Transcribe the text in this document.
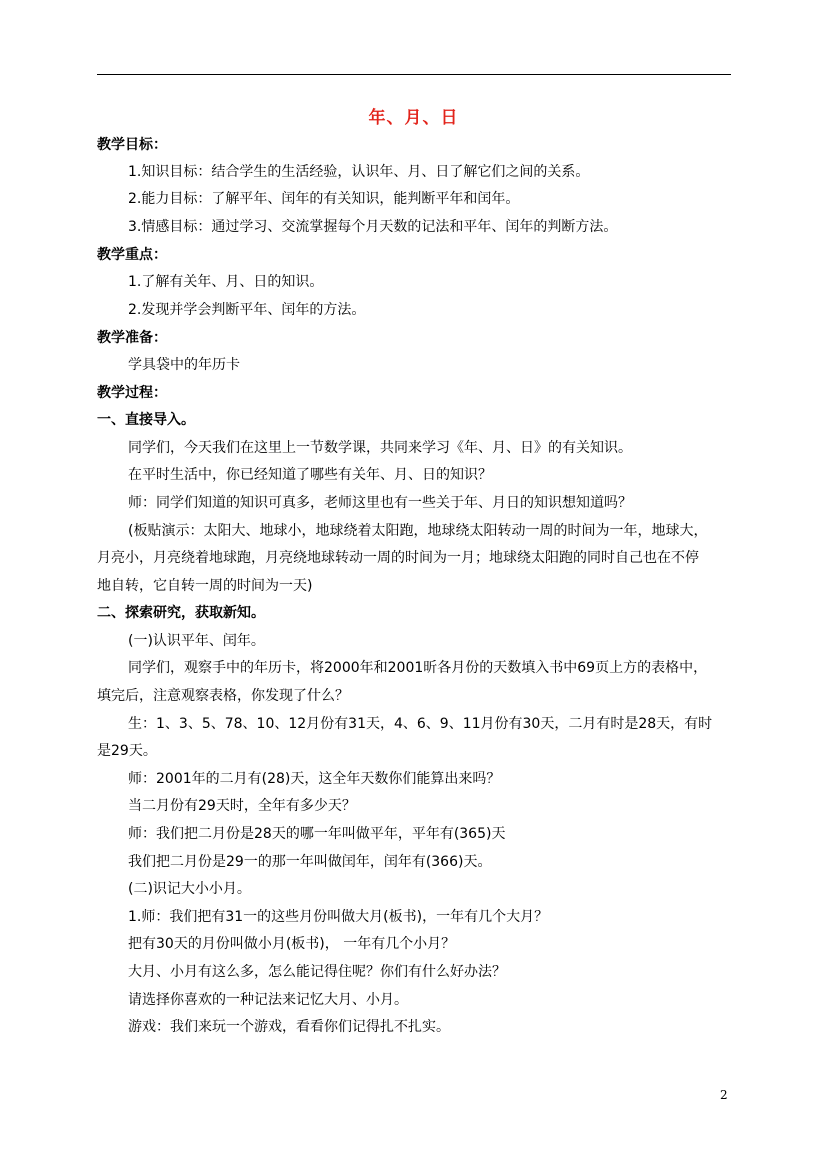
年、月、日
教学目标：
1.知识目标：结合学生的生活经验，认识年、月、日了解它们之间的关系。
2.能力目标：了解平年、闰年的有关知识，能判断平年和闰年。
3.情感目标：通过学习、交流掌握每个月天数的记法和平年、闰年的判断方法。
教学重点：
1.了解有关年、月、日的知识。
2.发现并学会判断平年、闰年的方法。
教学准备：
学具袋中的年历卡
教学过程：
一、直接导入。
同学们，今天我们在这里上一节数学课，共同来学习《年、月、日》的有关知识。
在平时生活中，你已经知道了哪些有关年、月、日的知识？
师：同学们知道的知识可真多，老师这里也有一些关于年、月日的知识想知道吗？
(板贴演示：太阳大、地球小，地球绕着太阳跑，地球绕太阳转动一周的时间为一年，地球大，
月亮小，月亮绕着地球跑，月亮绕地球转动一周的时间为一月；地球绕太阳跑的同时自己也在不停
地自转，它自转一周的时间为一天)
二、探索研究，获取新知。
(一)认识平年、闰年。
同学们，观察手中的年历卡，将2000年和2001昕各月份的天数填入书中69页上方的表格中，
填完后，注意观察表格，你发现了什么？
生：1、3、5、78、10、12月份有31天，4、6、9、11月份有30天，二月有时是28天，有时
是29天。
师：2001年的二月有(28)天，这全年天数你们能算出来吗？
当二月份有29天时，全年有多少天？
师：我们把二月份是28天的哪一年叫做平年，平年有(365)天
我们把二月份是29一的那一年叫做闰年，闰年有(366)天。
(二)识记大小小月。
1.师：我们把有31一的这些月份叫做大月(板书)，一年有几个大月？
把有30天的月份叫做小月(板书)， 一年有几个小月？
大月、小月有这么多，怎么能记得住呢？你们有什么好办法？
请选择你喜欢的一种记法来记忆大月、小月。
游戏：我们来玩一个游戏，看看你们记得扎不扎实。
2
